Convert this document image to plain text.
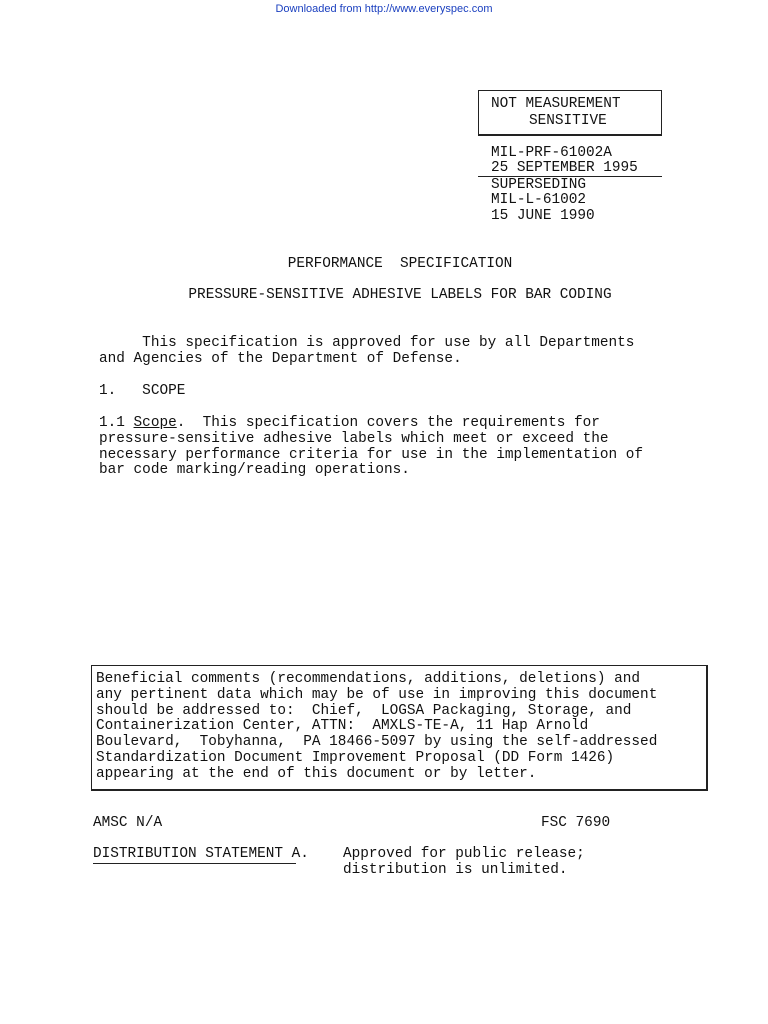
Downloaded from http://www.everyspec.com
NOT MEASUREMENT
SENSITIVE
MIL-PRF-61002A
25 SEPTEMBER 1995
SUPERSEDING
MIL-L-61002
15 JUNE 1990
PERFORMANCE  SPECIFICATION
PRESSURE-SENSITIVE ADHESIVE LABELS FOR BAR CODING
This specification is approved for use by all Departments
and Agencies of the Department of Defense.
1.   SCOPE
1.1 Scope.  This specification covers the requirements for
pressure-sensitive adhesive labels which meet or exceed the
necessary performance criteria for use in the implementation of
bar code marking/reading operations.
Beneficial comments (recommendations, additions, deletions) and
any pertinent data which may be of use in improving this document
should be addressed to:  Chief,  LOGSA Packaging, Storage, and
Containerization Center, ATTN:  AMXLS-TE-A, 11 Hap Arnold
Boulevard,  Tobyhanna,  PA 18466-5097 by using the self-addressed
Standardization Document Improvement Proposal (DD Form 1426)
appearing at the end of this document or by letter.
AMSC N/A	FSC 7690
DISTRIBUTION STATEMENT A. Approved for public release;
distribution is unlimited.
